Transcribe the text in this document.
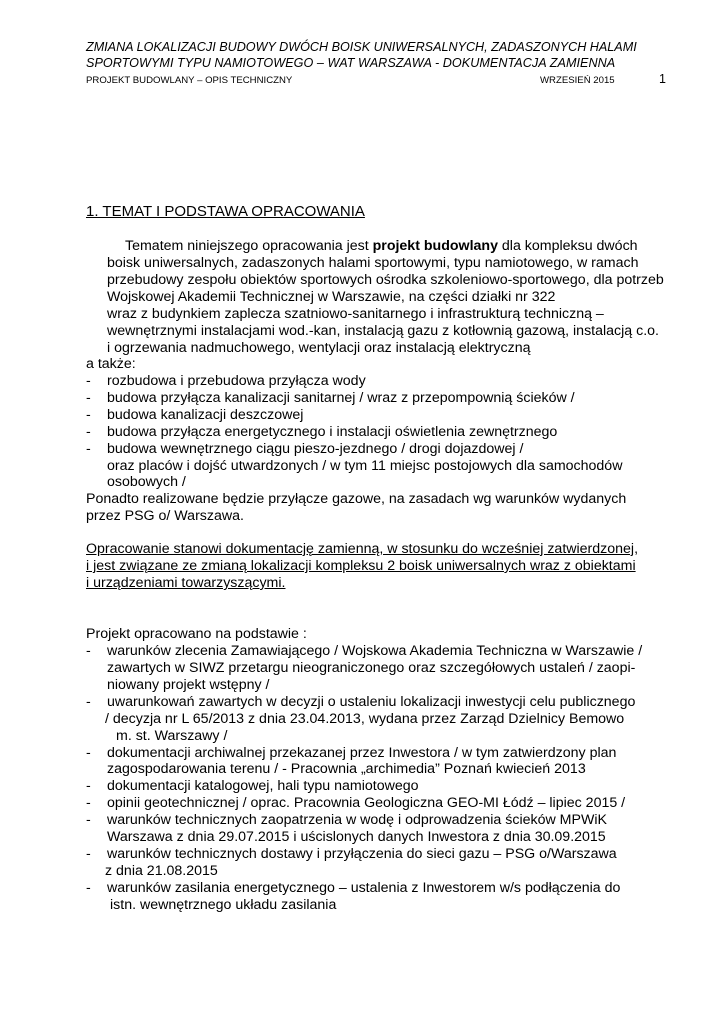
ZMIANA LOKALIZACJI BUDOWY DWÓCH BOISK UNIWERSALNYCH, ZADASZONYCH HALAMI
SPORTOWYMI TYPU NAMIOTOWEGO – WAT WARSZAWA - DOKUMENTACJA ZAMIENNA
PROJEKT BUDOWLANY – OPIS TECHNICZNY	WRZESIEŃ 2015	1
1. TEMAT I PODSTAWA OPRACOWANIA
Tematem niniejszego opracowania jest projekt budowlany dla kompleksu dwóch
boisk uniwersalnych, zadaszonych halami sportowymi, typu namiotowego, w ramach
przebudowy zespołu obiektów sportowych ośrodka szkoleniowo-sportowego, dla potrzeb
Wojskowej Akademii Technicznej w Warszawie, na części działki nr 322
wraz z budynkiem zaplecza szatniowo-sanitarnego i infrastrukturą techniczną –
wewnętrznymi instalacjami wod.-kan, instalacją gazu z kotłownią gazową, instalacją c.o.
i ogrzewania nadmuchowego, wentylacji oraz instalacją elektryczną
a także:
- rozbudowa i przebudowa przyłącza wody
- budowa przyłącza kanalizacji sanitarnej / wraz z przepompownią ścieków /
- budowa kanalizacji deszczowej
- budowa przyłącza energetycznego i instalacji oświetlenia zewnętrznego
- budowa wewnętrznego ciągu pieszo-jezdnego / drogi dojazdowej /
oraz placów i dojść utwardzonych / w tym 11 miejsc postojowych dla samochodów
osobowych /
Ponadto realizowane będzie przyłącze gazowe, na zasadach wg warunków wydanych
przez PSG o/ Warszawa.
Opracowanie stanowi dokumentację zamienną, w stosunku do wcześniej zatwierdzonej,
i jest związane ze zmianą lokalizacji kompleksu 2 boisk uniwersalnych wraz z obiektami
i urządzeniami towarzyszącymi.
Projekt opracowano na podstawie :
- warunków zlecenia Zamawiającego / Wojskowa Akademia Techniczna w Warszawie /
zawartych w SIWZ przetargu nieograniczonego oraz szczegółowych ustaleń / zaopi-
niowany projekt wstępny /
- uwarunkowań zawartych w decyzji o ustaleniu lokalizacji inwestycji celu publicznego
/ decyzja nr L 65/2013 z dnia 23.04.2013, wydana przez Zarząd Dzielnicy Bemowo
m. st. Warszawy /
- dokumentacji archiwalnej przekazanej przez Inwestora / w tym zatwierdzony plan
zagospodarowania terenu / - Pracownia „archimedia” Poznań kwiecień 2013
- dokumentacji katalogowej, hali typu namiotowego
- opinii geotechnicznej / oprac. Pracownia Geologiczna GEO-MI Łódź – lipiec 2015 /
- warunków technicznych zaopatrzenia w wodę i odprowadzenia ścieków MPWiK
Warszawa z dnia 29.07.2015 i uścislonych danych Inwestora z dnia 30.09.2015
- warunków technicznych dostawy i przyłączenia do sieci gazu – PSG o/Warszawa
z dnia 21.08.2015
- warunków zasilania energetycznego – ustalenia z Inwestorem w/s podłączenia do
istn. wewnętrznego układu zasilania
